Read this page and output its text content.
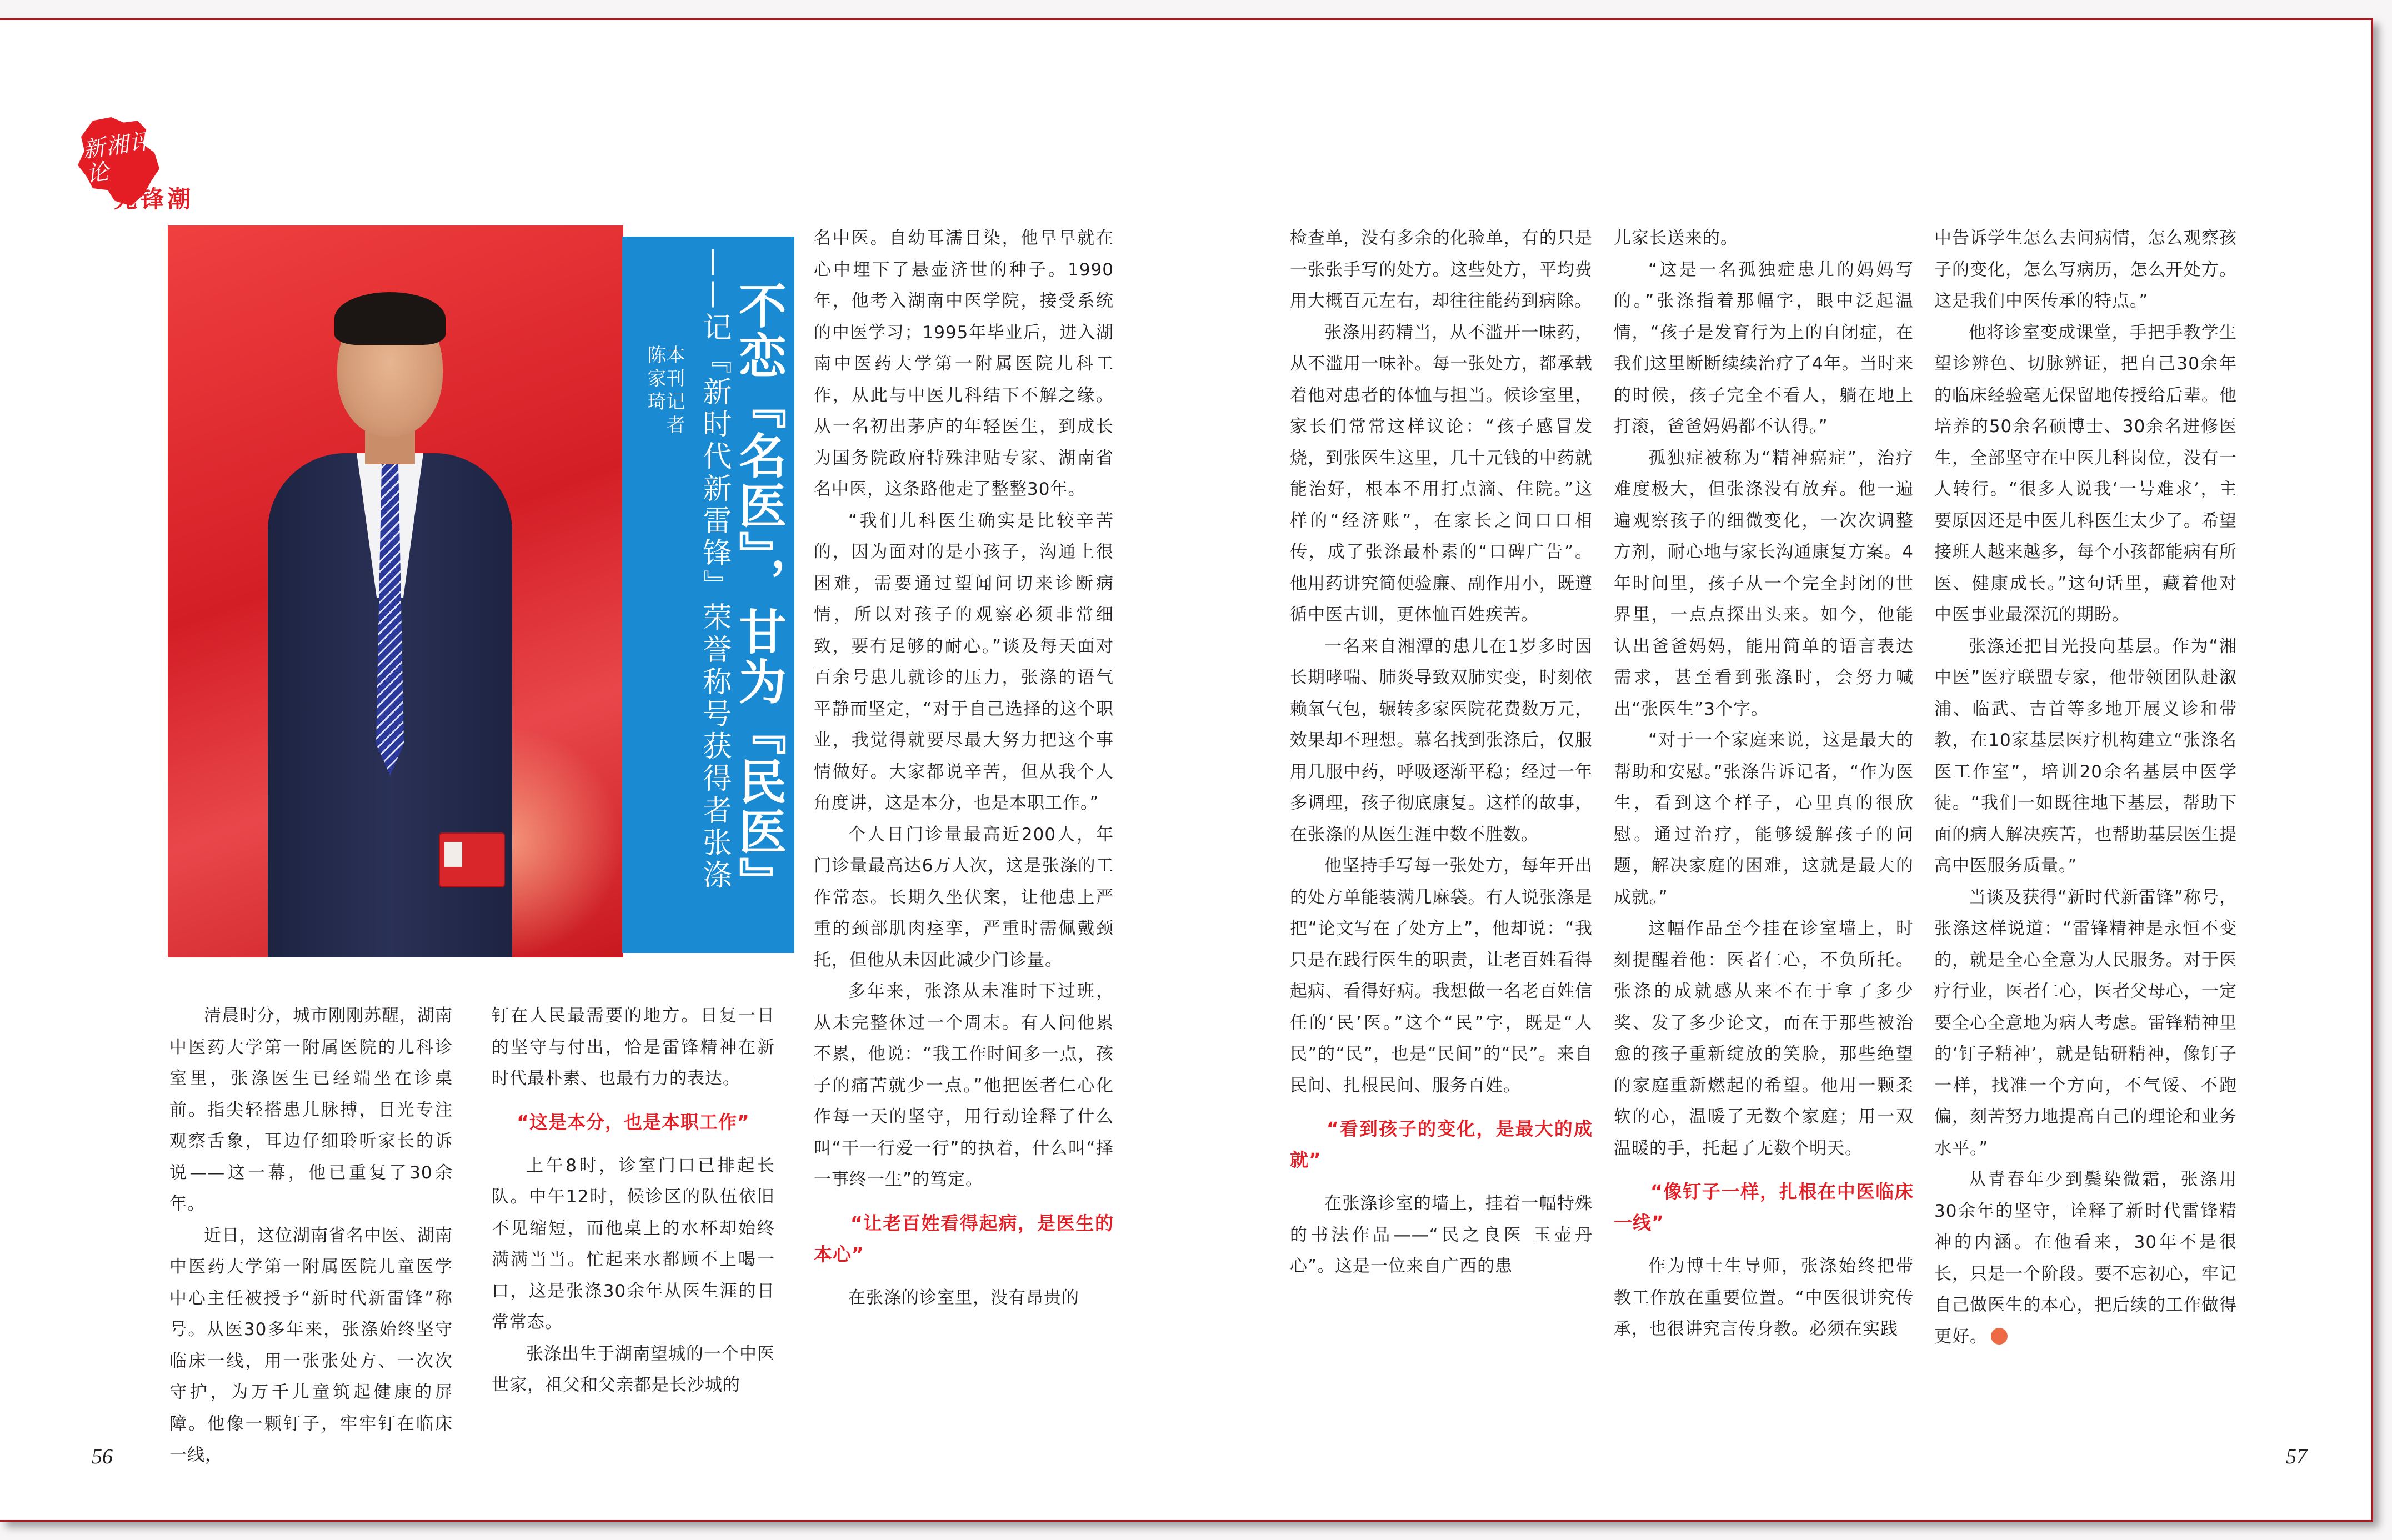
新湘评论
先锋潮
不恋『名医』，甘为『民医』
——记『新时代新雷锋』荣誉称号获得者张涤
本刊记者
陈家琦

清晨时分，城市刚刚苏醒，湖南中医药大学第一附属医院的儿科诊室里，张涤医生已经端坐在诊桌前。指尖轻搭患儿脉搏，目光专注观察舌象，耳边仔细聆听家长的诉说——这一幕，他已重复了30余年。

近日，这位湖南省名中医、湖南中医药大学第一附属医院儿童医学中心主任被授予“新时代新雷锋”称号。从医30多年来，张涤始终坚守临床一线，用一张张处方、一次次守护，为万千儿童筑起健康的屏障。他像一颗钉子，牢牢钉在临床一线，

钉在人民最需要的地方。日复一日的坚守与付出，恰是雷锋精神在新时代最朴素、也最有力的表达。

“这是本分，也是本职工作”

上午8时，诊室门口已排起长队。中午12时，候诊区的队伍依旧不见缩短，而他桌上的水杯却始终满满当当。忙起来水都顾不上喝一口，这是张涤30余年从医生涯的日常常态。

张涤出生于湖南望城的一个中医世家，祖父和父亲都是长沙城的

名中医。自幼耳濡目染，他早早就在心中埋下了悬壶济世的种子。1990年，他考入湖南中医学院，接受系统的中医学习；1995年毕业后，进入湖南中医药大学第一附属医院儿科工作，从此与中医儿科结下不解之缘。从一名初出茅庐的年轻医生，到成长为国务院政府特殊津贴专家、湖南省名中医，这条路他走了整整30年。

“我们儿科医生确实是比较辛苦的，因为面对的是小孩子，沟通上很困难，需要通过望闻问切来诊断病情，所以对孩子的观察必须非常细致，要有足够的耐心。”谈及每天面对百余号患儿就诊的压力，张涤的语气平静而坚定，“对于自己选择的这个职业，我觉得就要尽最大努力把这个事情做好。大家都说辛苦，但从我个人角度讲，这是本分，也是本职工作。”

个人日门诊量最高近200人，年门诊量最高达6万人次，这是张涤的工作常态。长期久坐伏案，让他患上严重的颈部肌肉痉挛，严重时需佩戴颈托，但他从未因此减少门诊量。

多年来，张涤从未准时下过班，从未完整休过一个周末。有人问他累不累，他说：“我工作时间多一点，孩子的痛苦就少一点。”他把医者仁心化作每一天的坚守，用行动诠释了什么叫“干一行爱一行”的执着，什么叫“择一事终一生”的笃定。

“让老百姓看得起病，是医生的本心”

在张涤的诊室里，没有昂贵的

56

检查单，没有多余的化验单，有的只是一张张手写的处方。这些处方，平均费用大概百元左右，却往往能药到病除。

张涤用药精当，从不滥开一味药，从不滥用一味补。每一张处方，都承载着他对患者的体恤与担当。候诊室里，家长们常常这样议论：“孩子感冒发烧，到张医生这里，几十元钱的中药就能治好，根本不用打点滴、住院。”这样的“经济账”，在家长之间口口相传，成了张涤最朴素的“口碑广告”。他用药讲究简便验廉、副作用小，既遵循中医古训，更体恤百姓疾苦。

一名来自湘潭的患儿在1岁多时因长期哮喘、肺炎导致双肺实变，时刻依赖氧气包，辗转多家医院花费数万元，效果却不理想。慕名找到张涤后，仅服用几服中药，呼吸逐渐平稳；经过一年多调理，孩子彻底康复。这样的故事，在张涤的从医生涯中数不胜数。

他坚持手写每一张处方，每年开出的处方单能装满几麻袋。有人说张涤是把“论文写在了处方上”，他却说：“我只是在践行医生的职责，让老百姓看得起病、看得好病。我想做一名老百姓信任的‘民’医。”这个“民”字，既是“人民”的“民”，也是“民间”的“民”。来自民间、扎根民间、服务百姓。

“看到孩子的变化，是最大的成就”

在张涤诊室的墙上，挂着一幅特殊的书法作品——“民之良医 玉壶丹心”。这是一位来自广西的患

儿家长送来的。

“这是一名孤独症患儿的妈妈写的。”张涤指着那幅字，眼中泛起温情，“孩子是发育行为上的自闭症，在我们这里断断续续治疗了4年。当时来的时候，孩子完全不看人，躺在地上打滚，爸爸妈妈都不认得。”

孤独症被称为“精神癌症”，治疗难度极大，但张涤没有放弃。他一遍遍观察孩子的细微变化，一次次调整方剂，耐心地与家长沟通康复方案。4年时间里，孩子从一个完全封闭的世界里，一点点探出头来。如今，他能认出爸爸妈妈，能用简单的语言表达需求，甚至看到张涤时，会努力喊出“张医生”3个字。

“对于一个家庭来说，这是最大的帮助和安慰。”张涤告诉记者，“作为医生，看到这个样子，心里真的很欣慰。通过治疗，能够缓解孩子的问题，解决家庭的困难，这就是最大的成就。”

这幅作品至今挂在诊室墙上，时刻提醒着他：医者仁心，不负所托。张涤的成就感从来不在于拿了多少奖、发了多少论文，而在于那些被治愈的孩子重新绽放的笑脸，那些绝望的家庭重新燃起的希望。他用一颗柔软的心，温暖了无数个家庭；用一双温暖的手，托起了无数个明天。

“像钉子一样，扎根在中医临床一线”

作为博士生导师，张涤始终把带教工作放在重要位置。“中医很讲究传承，也很讲究言传身教。必须在实践

中告诉学生怎么去问病情，怎么观察孩子的变化，怎么写病历，怎么开处方。这是我们中医传承的特点。”

他将诊室变成课堂，手把手教学生望诊辨色、切脉辨证，把自己30余年的临床经验毫无保留地传授给后辈。他培养的50余名硕博士、30余名进修医生，全部坚守在中医儿科岗位，没有一人转行。“很多人说我‘一号难求’，主要原因还是中医儿科医生太少了。希望接班人越来越多，每个小孩都能病有所医、健康成长。”这句话里，藏着他对中医事业最深沉的期盼。

张涤还把目光投向基层。作为“湘中医”医疗联盟专家，他带领团队赴溆浦、临武、吉首等多地开展义诊和带教，在10家基层医疗机构建立“张涤名医工作室”，培训20余名基层中医学徒。“我们一如既往地下基层，帮助下面的病人解决疾苦，也帮助基层医生提高中医服务质量。”

当谈及获得“新时代新雷锋”称号，张涤这样说道：“雷锋精神是永恒不变的，就是全心全意为人民服务。对于医疗行业，医者仁心，医者父母心，一定要全心全意地为病人考虑。雷锋精神里的‘钉子精神’，就是钻研精神，像钉子一样，找准一个方向，不气馁、不跑偏，刻苦努力地提高自己的理论和业务水平。”

从青春年少到鬓染微霜，张涤用30余年的坚守，诠释了新时代雷锋精神的内涵。在他看来，30年不是很长，只是一个阶段。要不忘初心，牢记自己做医生的本心，把后续的工作做得更好。

57
